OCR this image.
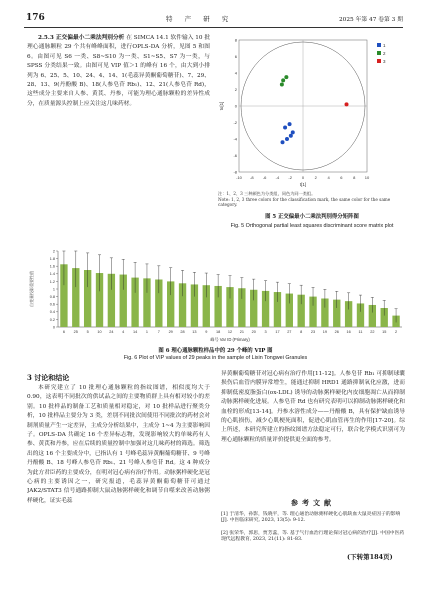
176	特 产 研 究	2025 年第 47 卷第 3 期

2.5.3 正交偏最小二乘法判别分析 在 SIMCA 14.1 软件输入 10 批理心通脉颗粒 29 个共有峰峰面积，进行OPLS-DA 分析，见图 5 和图 6。由图可见 S6 一类、S8~S10 为一类、S1~S5、S7 为一类，与 SPSS 分类结果一致。由图可见 VIP 值＞1 的峰有 16 个，由大到小排列为 6、25、5、10、24、4、14、1(毛蕊异黄酮葡萄糖苷)、7、29、28、13、9(丹酚酸 B)、18(人参皂苷 Rb₁)、12、21(人参皂苷 Rd)，这些成分主要来自人参、黄芪、丹参，可能为理心通脉颗粒的差异性成分，在质量源头控制上应关注这几味药材。

-10 -8 -6 -4 -2 0	2	4	6	8 10
-8
-6
-4
-2
0
2
4
6
8
t[1]
to[1]
1
2
3
注：1、2、3 三种颜色为分类组，同色为同一类组。
Note: 1, 2, 3 three colors for the classification mark, the same color for the same category.
图 5 正交偏最小二乘法判别得分矩阵图
Fig. 5 Orthogonal partial least squares discriminant score matrix plot
0
0.2
0.4
0.6
0.8
1
1.2
1.4
1.6
1.8
2
自变量投影重要性值
6 25 5 10 24 4 14 1	7 29 28 13 9 18 12 21 20 3 17 27 8 23 19 26 16 11 22 15 2
峰号 Var ID (Primary)
图 6 理心通脉颗粒样品中的 29 个峰的 VIP 图
Fig. 6 Plot of VIP values of 29 peaks in the sample of Lixin Tongwei Granules
3 讨论和结论

本研究建立了 10 批理心通脉颗粒的指纹图谱，相似度均大于 0.90，这表明不同批次的供试品之间的主要物质群上具有相对较小的差别。10 批样品的制备工艺和质量相对稳定，对 10 批样品进行聚类分析，10 批样品主要分为 3 类，差别不同批次间使用不同批次的药材会对制剂质量产生一定差异，主成分分析结果中，主成分 1~4 为主要影响因子。OPLS-DA 共确定 16 个差异标志物，发现影响较大的单味药有人参、黄芪和丹参，应在后续的质量控制中加强对这几味药材的筛选。筛选出的这 16 个主要成分中，已指认有 1 号峰毛蕊异黄酮葡萄糖苷、9 号峰丹酚酸 B、18 号峰人参皂苷 Rb₁、21 号峰人参皂苷 Rd。这 4 种成分为此方君臣药的主要成分，在明对冠心病有治疗作用。动脉粥样硬化是冠心病的主要诱因之一，研究报道，毛蕊异黄酮葡萄糖苷可通过 JAK2/STAT3 信号通路抑制大鼠动脉粥样硬化和调节自噬来改善动脉粥样硬化，证实毛蕊

异黄酮葡萄糖苷对冠心病有治疗作用[11-12]。人参皂苷 Rb₁ 可抑制球囊损伤后血管内膜异常增生，能通过抑制 HRD1 通路抑制氧化应激，进而抑制低密度脂蛋白(ox-LDL) 诱导的动脉粥样硬化内皮细胞凋亡从而抑制动脉粥样硬化进展。人参皂苷 Rd 也有研究表明可以抑制动脉粥样硬化和血栓的形成[13-14]。丹参水溶性成分——丹酚酸 B，具有保护缺血诱导的心肌损伤，减少心肌梗死面积，促进心肌血管再生的作用[17-20]。综上所述，本研究所建立的指纹图谱方法稳定可行，联合化学模式识别可为理心通脉颗粒的质量评价提供更全面的参考。

参考文献
[1] 于清华，孙影，钱晓平，等. 理心通治动脉粥样硬化心肌缺血大鼠炎症因子的影响[J]. 中医临床研究, 2023, 13(5): 9-12.
[2] 张荣华，郭思，贾芳蕊，等. 基于气行血治行理论探讨冠心病的治疗[J]. 中国中医药现代远程教育, 2023, 21(11): 81-83.
(下转第184页)
